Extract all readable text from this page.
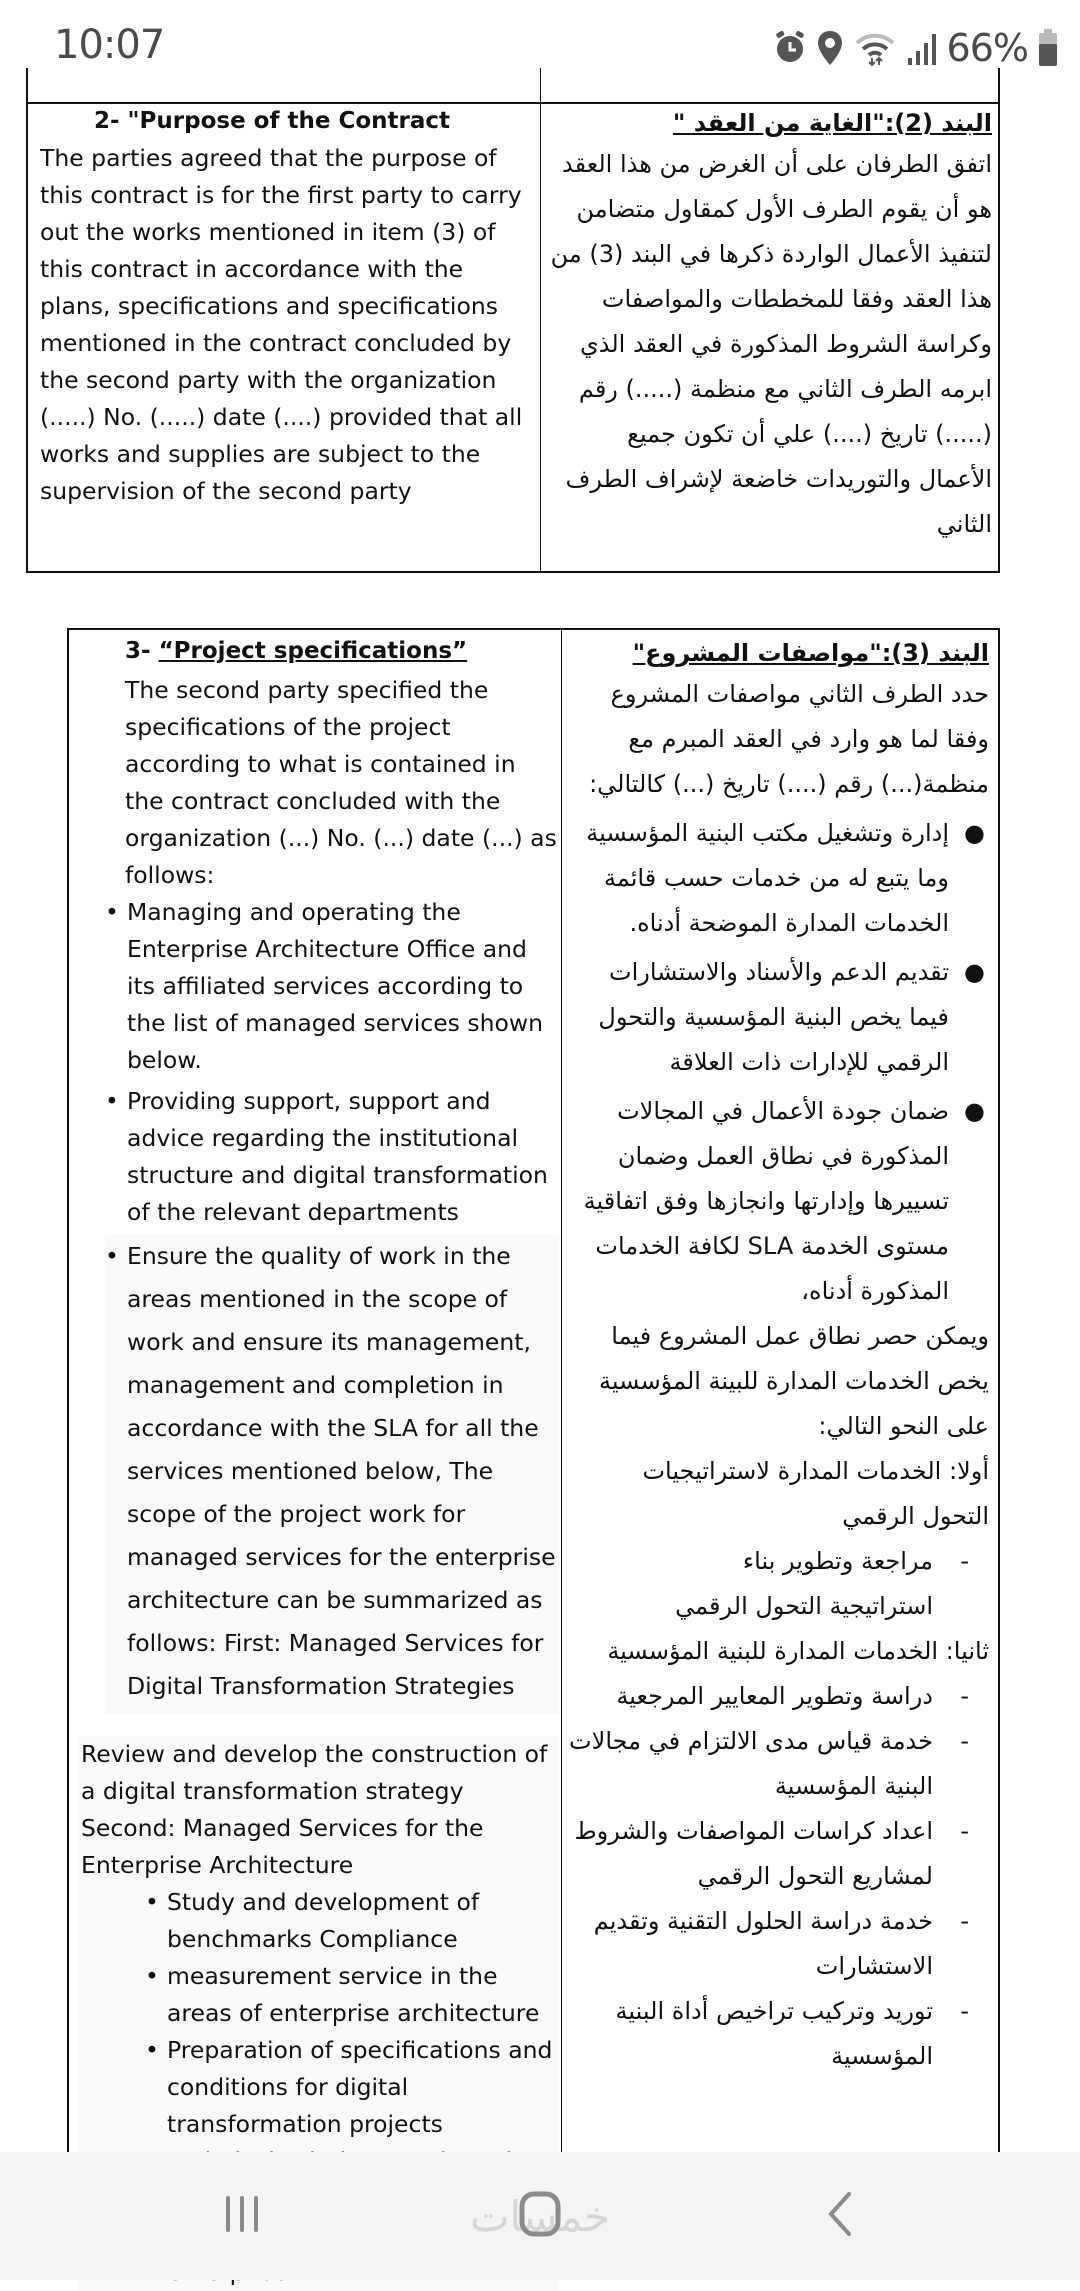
10:07	66%

2- "Purpose of the Contract

The parties agreed that the purpose of this contract is for the first party to carry out the works mentioned in item (3) of this contract in accordance with the plans, specifications and specifications mentioned in the contract concluded by the second party with the organization (.....) No. (.....) date (....) provided that all works and supplies are subject to the supervision of the second party

البند (2):"الغاية من العقد "

اتفق الطرفان على أن الغرض من هذا العقد هو أن يقوم الطرف الأول كمقاول متضامن لتنفيذ الأعمال الواردة ذكرها في البند (3) من هذا العقد وفقا للمخططات والمواصفات وكراسة الشروط المذكورة في العقد الذي ابرمه الطرف الثاني مع منظمة (.....) رقم (.....) تاريخ (....) علي أن تكون جميع الأعمال والتوريدات خاضعة لإشراف الطرف الثاني

3- “Project specifications”

The second party specified the specifications of the project according to what is contained in the contract concluded with the organization (...) No. (...) date (...) as follows:

• Managing and operating the Enterprise Architecture Office and its affiliated services according to the list of managed services shown below.
• Providing support, support and advice regarding the institutional structure and digital transformation of the relevant departments
• Ensure the quality of work in the areas mentioned in the scope of work and ensure its management, management and completion in accordance with the SLA for all the services mentioned below, The scope of the project work for managed services for the enterprise architecture can be summarized as follows: First: Managed Services for Digital Transformation Strategies

Review and develop the construction of a digital transformation strategy

Second: Managed Services for the Enterprise Architecture

• Study and development of benchmarks Compliance
• measurement service in the areas of enterprise architecture
• Preparation of specifications and conditions for digital transformation projects

البند (3):"مواصفات المشروع"

حدد الطرف الثاني مواصفات المشروع وفقا لما هو وارد في العقد المبرم مع منظمة(...) رقم (....) تاريخ (...) كالتالي:

●
إدارة وتشغيل مكتب البنية المؤسسية وما يتبع له من خدمات حسب قائمة الخدمات المدارة الموضحة أدناه.
●
تقديم الدعم والأسناد والاستشارات فيما يخص البنية المؤسسية والتحول الرقمي للإدارات ذات العلاقة
●
ضمان جودة الأعمال في المجالات المذكورة في نطاق العمل وضمان تسييرها وإدارتها وانجازها وفق اتفاقية مستوى الخدمة SLA لكافة الخدمات المذكورة أدناه،

ويمكن حصر نطاق عمل المشروع فيما يخص الخدمات المدارة للبينة المؤسسية على النحو التالي:

أولا: الخدمات المدارة لاستراتيجيات التحول الرقمي

-
مراجعة وتطوير بناء استراتيجية التحول الرقمي

ثانيا: الخدمات المدارة للبنية المؤسسية

-
دراسة وتطوير المعايير المرجعية
-
خدمة قياس مدى الالتزام في مجالات البنية المؤسسية
-
اعداد كراسات المواصفات والشروط لمشاريع التحول الرقمي
-
خدمة دراسة الحلول التقنية وتقديم الاستشارات
-
توريد وتركيب تراخيص أداة البنية المؤسسية
خمسات
